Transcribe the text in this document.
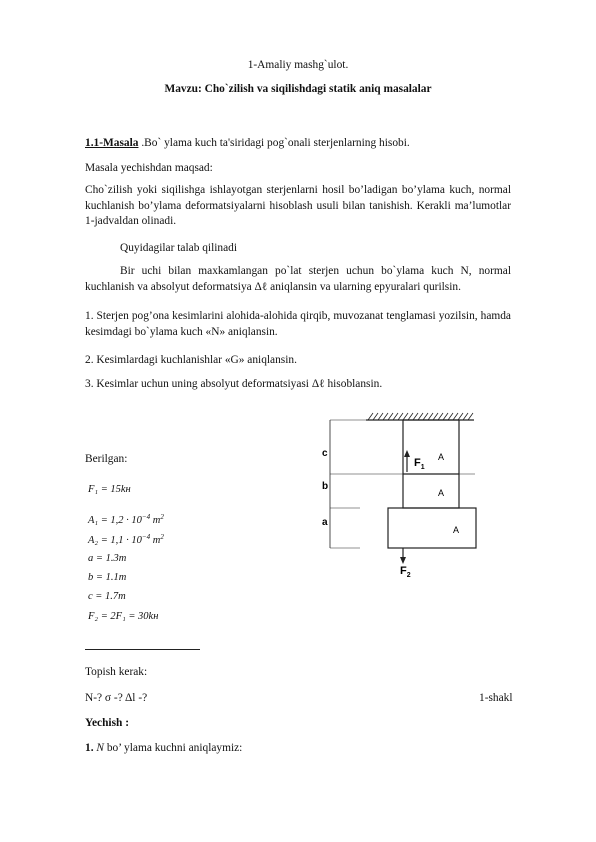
1-Amaliy mashg`ulot.
Mavzu: Cho`zilish va siqilishdagi statik aniq masalalar
1.1-Masala .Bo` ylama kuch ta'siridagi pog`onali sterjenlarning hisobi.
Masala yechishdan maqsad:
Cho`zilish yoki siqilishga ishlayotgan sterjenlarni hosil bo’ladigan bo’ylama kuch, normal kuchlanish bo’ylama deformatsiyalarni hisoblash usuli bilan tanishish. Kerakli ma’lumotlar 1-jadvaldan olinadi.
Quyidagilar talab qilinadi
Bir uchi bilan maxkamlangan po`lat sterjen uchun bo`ylama kuch N, normal kuchlanish va absolyut deformatsiya Δℓ aniqlansin va ularning epyuralari qurilsin.
1. Sterjen pog’ona kesimlarini alohida-alohida qirqib, muvozanat tenglamasi yozilsin, hamda kesimdagi bo`ylama kuch «N» aniqlansin.
2. Kesimlardagi kuchlanishlar «G» aniqlansin.
3. Kesimlar uchun uning absolyut deformatsiyasi Δℓ hisoblansin.
Berilgan:
F₁ = 15kн
$A_1 = 1,2 \cdot 10^{-4}$ $m^2$
$A_2 = 1,1 \cdot 10^{-4}$ $m^2$
a = 1.3m
b = 1.1m
c = 1.7m
F₂ = 2F₁ = 30kн
Topish kerak:
N-? σ -? Δl -?	1-shakl
Yechish :
1. N bo’ ylama kuchni aniqlaymiz:
c
b
a
$F_1$
$F_2$
A
A
A
